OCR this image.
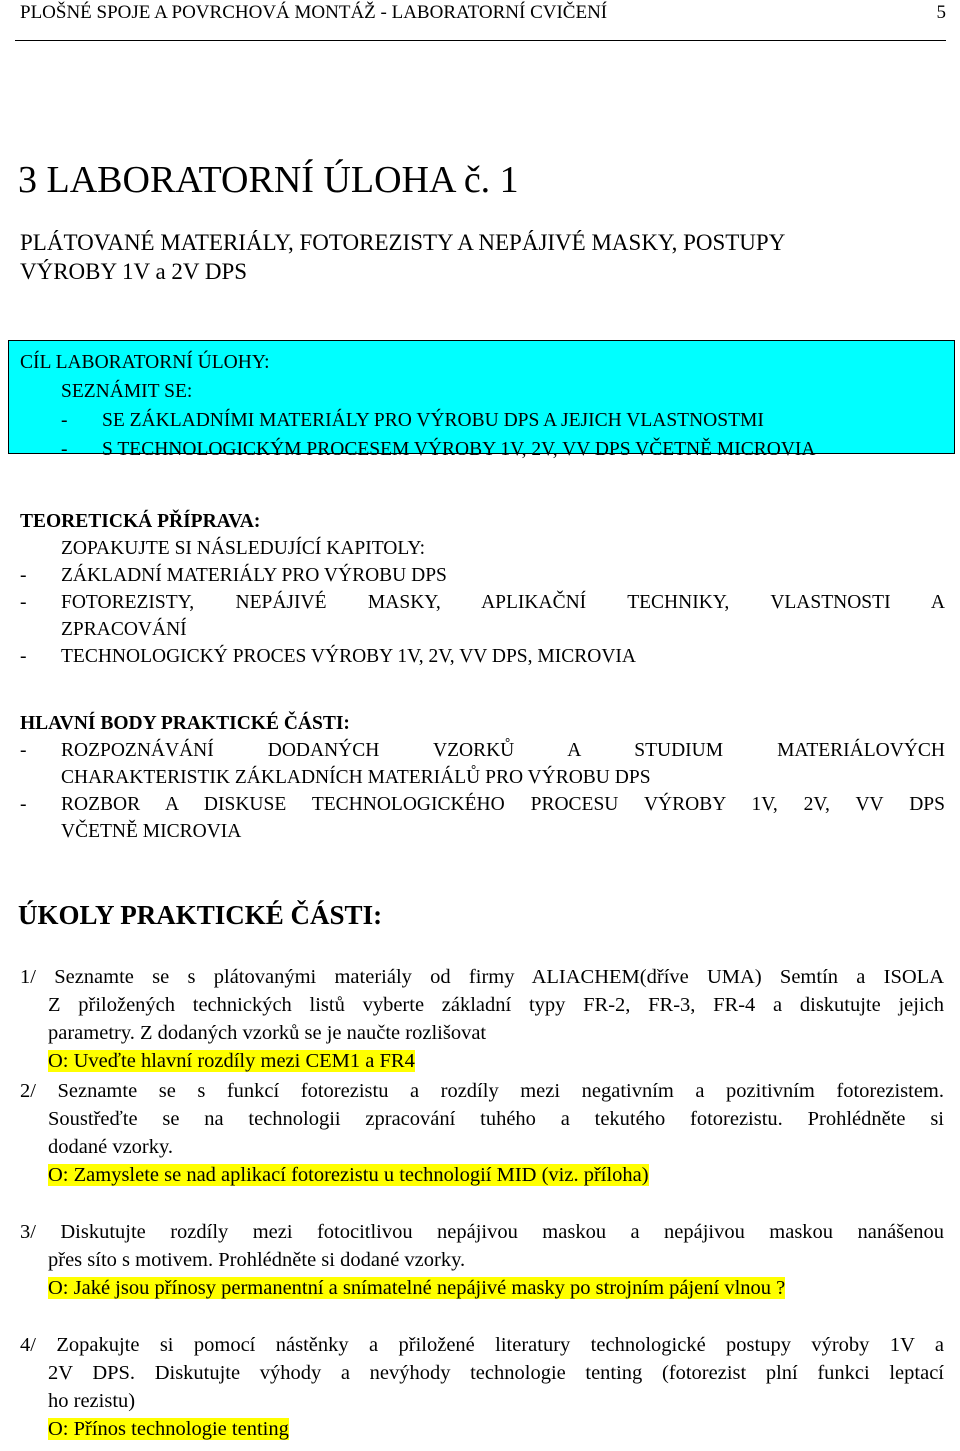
PLOŠNÉ SPOJE A POVRCHOVÁ MONTÁŽ - LABORATORNÍ CVIČENÍ	5
3 LABORATORNÍ ÚLOHA č. 1
PLÁTOVANÉ MATERIÁLY, FOTOREZISTY A NEPÁJIVÉ MASKY, POSTUPY
VÝROBY 1V a 2V DPS
CÍL LABORATORNÍ ÚLOHY:
SEZNÁMIT SE:
- SE ZÁKLADNÍMI MATERIÁLY PRO VÝROBU DPS A JEJICH VLASTNOSTMI
- S TECHNOLOGICKÝM PROCESEM VÝROBY 1V, 2V, VV DPS VČETNĚ MICROVIA
TEORETICKÁ PŘÍPRAVA:
ZOPAKUJTE SI NÁSLEDUJÍCÍ KAPITOLY:
- ZÁKLADNÍ MATERIÁLY PRO VÝROBU DPS
- FOTOREZISTY, NEPÁJIVÉ MASKY, APLIKAČNÍ TECHNIKY, VLASTNOSTI A
ZPRACOVÁNÍ
- TECHNOLOGICKÝ PROCES VÝROBY 1V, 2V, VV DPS, MICROVIA
HLAVNÍ BODY PRAKTICKÉ ČÁSTI:
- ROZPOZNÁVÁNÍ DODANÝCH VZORKŮ A STUDIUM MATERIÁLOVÝCH
CHARAKTERISTIK ZÁKLADNÍCH MATERIÁLŮ PRO VÝROBU DPS
- ROZBOR A DISKUSE TECHNOLOGICKÉHO PROCESU VÝROBY 1V, 2V, VV DPS
VČETNĚ MICROVIA
ÚKOLY PRAKTICKÉ ČÁSTI:
1/ Seznamte se s plátovanými materiály od firmy ALIACHEM(dříve UMA) Semtín a ISOLA
Z přiložených technických listů vyberte základní typy FR-2, FR-3, FR-4 a diskutujte jejich
parametry. Z dodaných vzorků se je naučte rozlišovat
O: Uveďte hlavní rozdíly mezi CEM1 a FR4
2/ Seznamte se s funkcí fotorezistu a rozdíly mezi negativním a pozitivním fotorezistem.
Soustřeďte se na technologii zpracování tuhého a tekutého fotorezistu. Prohlédněte si
dodané vzorky.
O: Zamyslete se nad aplikací fotorezistu u technologií MID (viz. příloha)
3/ Diskutujte rozdíly mezi fotocitlivou nepájivou maskou a nepájivou maskou nanášenou
přes síto s motivem. Prohlédněte si dodané vzorky.
O: Jaké jsou přínosy permanentní a snímatelné nepájivé masky po strojním pájení vlnou ?
4/ Zopakujte si pomocí nástěnky a přiložené literatury technologické postupy výroby 1V a
2V DPS. Diskutujte výhody a nevýhody technologie tenting (fotorezist plní funkci leptací
ho rezistu)
O: Přínos technologie tenting
